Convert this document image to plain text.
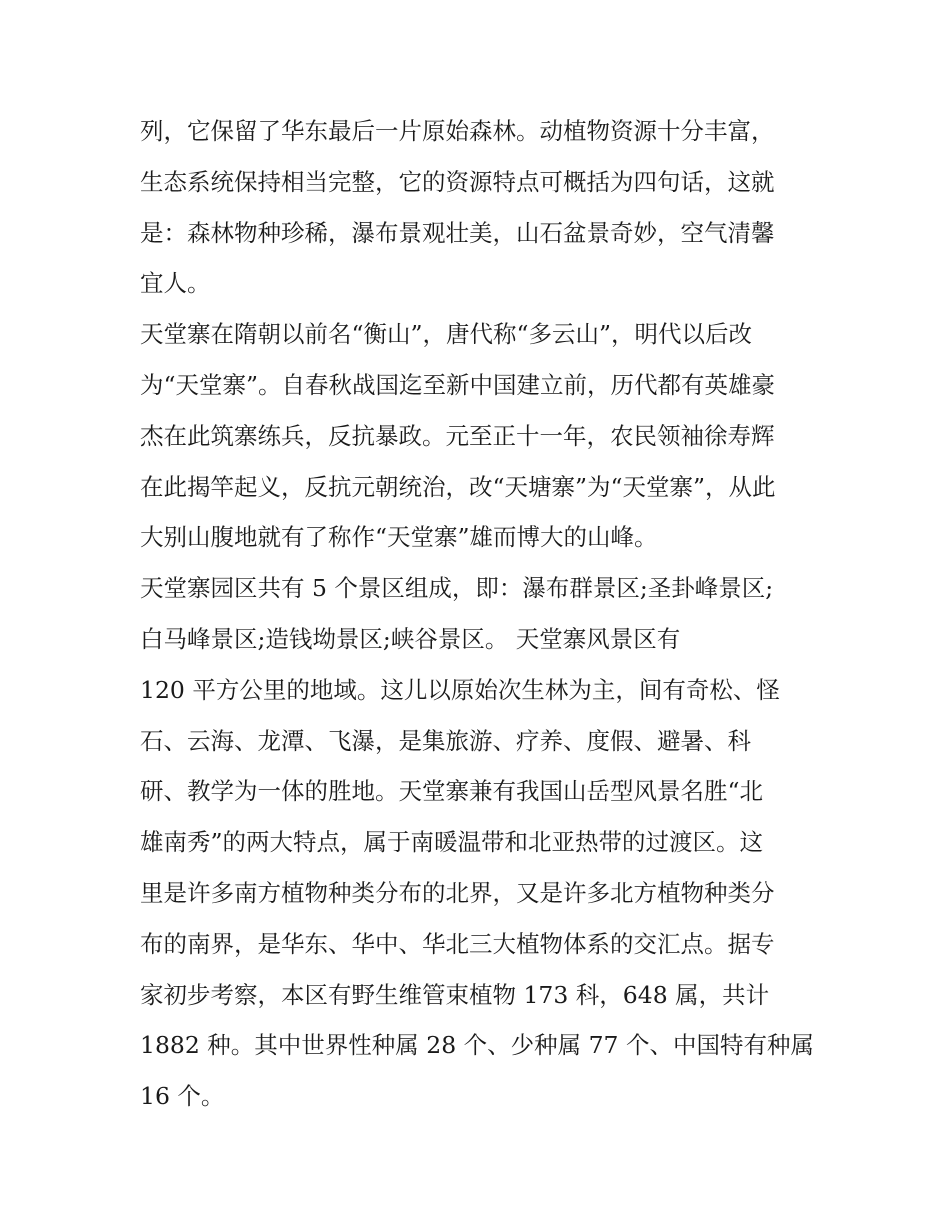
列，它保留了华东最后一片原始森林。动植物资源十分丰富，
生态系统保持相当完整，它的资源特点可概括为四句话，这就
是：森林物种珍稀，瀑布景观壮美，山石盆景奇妙，空气清馨
宜人。
天堂寨在隋朝以前名“衡山”，唐代称“多云山”，明代以后改
为“天堂寨”。自春秋战国迄至新中国建立前，历代都有英雄豪
杰在此筑寨练兵，反抗暴政。元至正十一年，农民领袖徐寿辉
在此揭竿起义，反抗元朝统治，改“天塘寨”为“天堂寨”，从此
大别山腹地就有了称作“天堂寨”雄而博大的山峰。
天堂寨园区共有 5 个景区组成，即：瀑布群景区;圣卦峰景区;
白马峰景区;造钱坳景区;峡谷景区。 天堂寨风景区有
120 平方公里的地域。这儿以原始次生林为主，间有奇松、怪
石、云海、龙潭、飞瀑，是集旅游、疗养、度假、避暑、科
研、教学为一体的胜地。天堂寨兼有我国山岳型风景名胜“北
雄南秀”的两大特点，属于南暖温带和北亚热带的过渡区。这
里是许多南方植物种类分布的北界，又是许多北方植物种类分
布的南界，是华东、华中、华北三大植物体系的交汇点。据专
家初步考察，本区有野生维管束植物 173 科，648 属，共计
1882 种。其中世界性种属 28 个、少种属 77 个、中国特有种属
16 个。
